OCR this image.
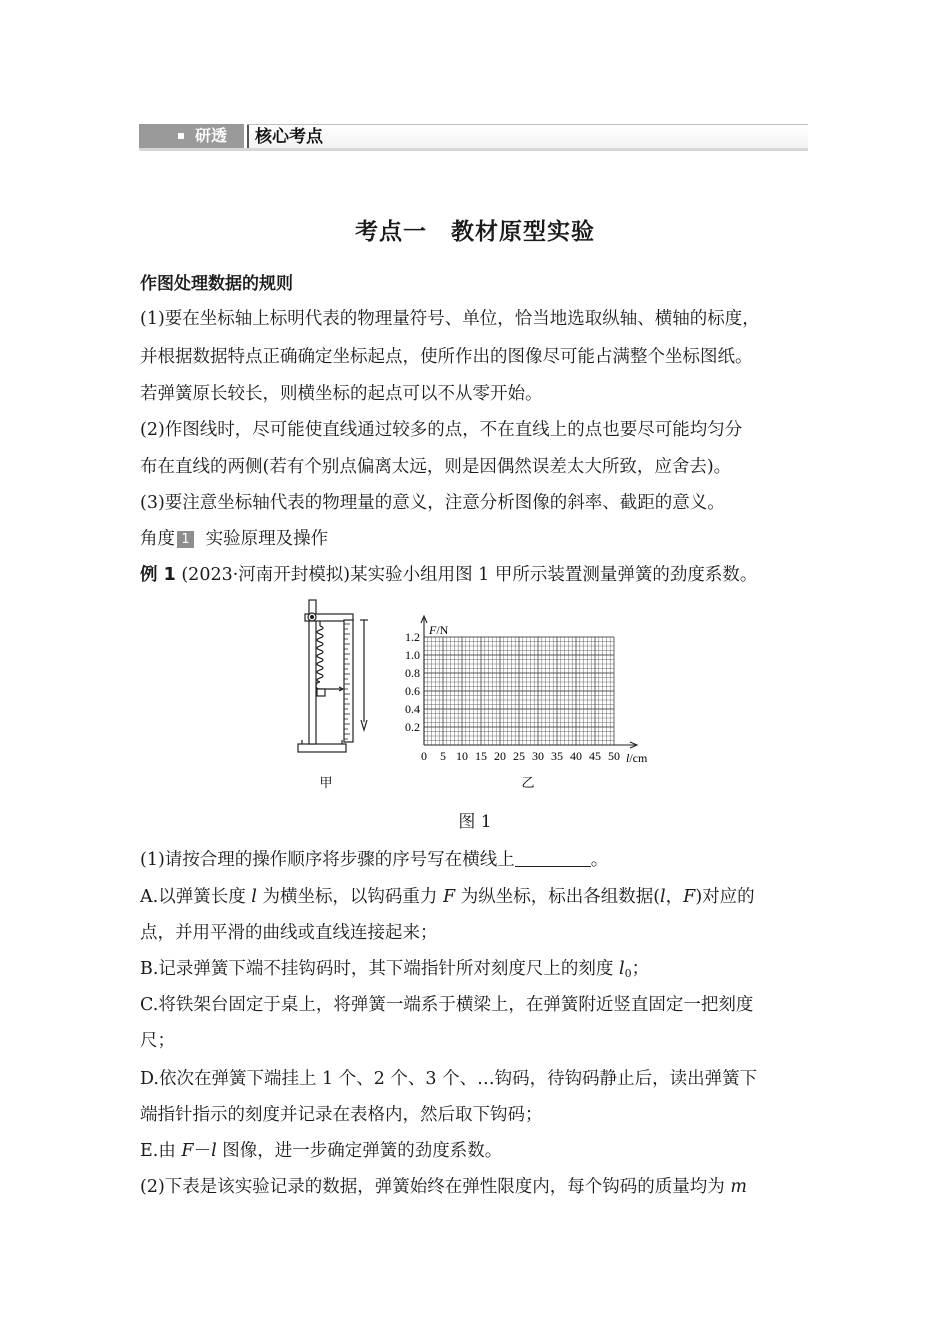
研透 核心考点
考点一　教材原型实验
作图处理数据的规则
(1)要在坐标轴上标明代表的物理量符号、单位，恰当地选取纵轴、横轴的标度，
并根据数据特点正确确定坐标起点，使所作出的图像尽可能占满整个坐标图纸。
若弹簧原长较长，则横坐标的起点可以不从零开始。
(2)作图线时，尽可能使直线通过较多的点，不在直线上的点也要尽可能均匀分
布在直线的两侧(若有个别点偏离太远，则是因偶然误差太大所致，应舍去)。
(3)要注意坐标轴代表的物理量的意义，注意分析图像的斜率、截距的意义。
角度 1 实验原理及操作
例 1 (2023·河南开封模拟)某实验小组用图 1 甲所示装置测量弹簧的劲度系数。
甲
1.2
1.0
0.8
0.6
0.4
0.2
0 5 10 15 20 25 30 35 40 45 50
F/N
l/cm
乙
图 1
(1)请按合理的操作顺序将步骤的序号写在横线上	。
A.以弹簧长度 l 为横坐标，以钩码重力 F 为纵坐标，标出各组数据(l，F)对应的
点，并用平滑的曲线或直线连接起来；
B.记录弹簧下端不挂钩码时，其下端指针所对刻度尺上的刻度 $l_0$；
C.将铁架台固定于桌上，将弹簧一端系于横梁上，在弹簧附近竖直固定一把刻度
尺；
D.依次在弹簧下端挂上 1 个、2 个、3 个、…钩码，待钩码静止后，读出弹簧下
端指针指示的刻度并记录在表格内，然后取下钩码；
E.由 F－l 图像，进一步确定弹簧的劲度系数。
(2)下表是该实验记录的数据，弹簧始终在弹性限度内，每个钩码的质量均为 m
